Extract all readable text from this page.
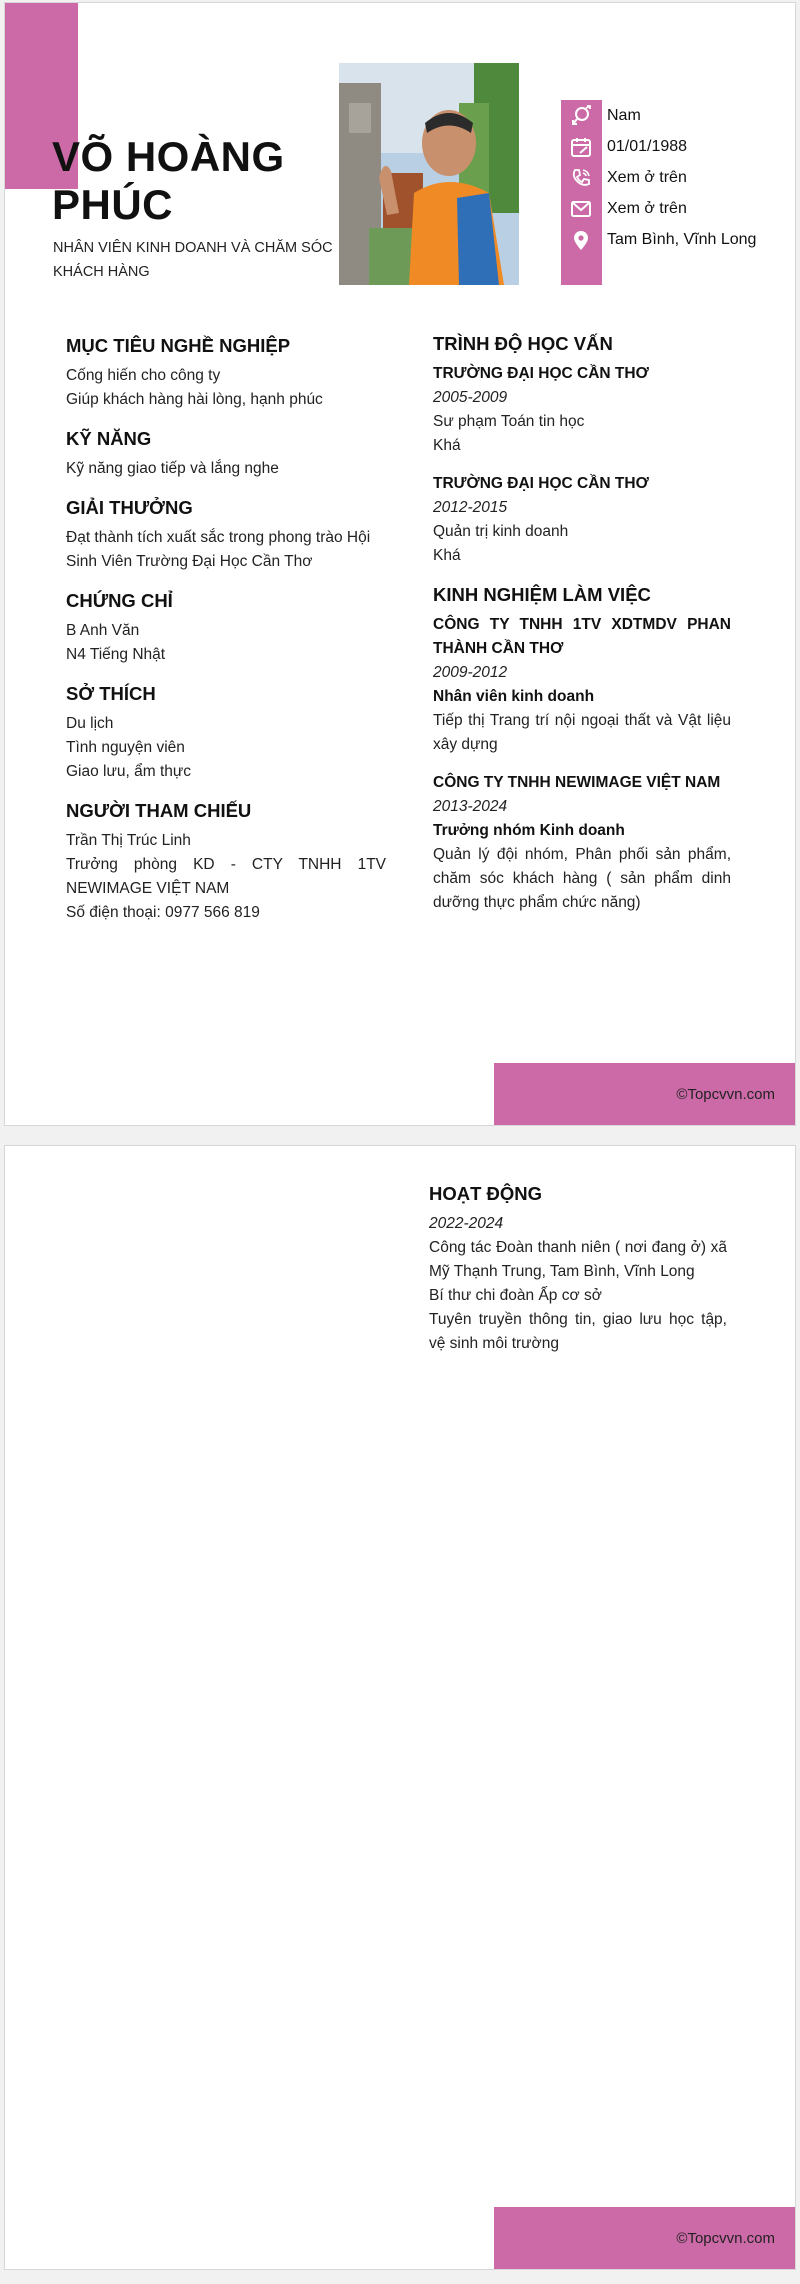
VÕ HOÀNG
PHÚC

NHÂN VIÊN KINH DOANH VÀ CHĂM SÓC KHÁCH HÀNG

Nam
01/01/1988
Xem ở trên
Xem ở trên
Tam Bình, Vĩnh Long

MỤC TIÊU NGHỀ NGHIỆP

Cống hiến cho công ty

Giúp khách hàng hài lòng, hạnh phúc

KỸ NĂNG

Kỹ năng giao tiếp và lắng nghe

GIẢI THƯỞNG

Đạt thành tích xuất sắc trong phong trào Hội Sinh Viên Trường Đại Học Cần Thơ

CHỨNG CHỈ

B Anh Văn

N4 Tiếng Nhật

SỞ THÍCH

Du lịch

Tình nguyện viên

Giao lưu, ẩm thực

NGƯỜI THAM CHIẾU

Trần Thị Trúc Linh

Trưởng phòng KD - CTY TNHH 1TV NEWIMAGE VIỆT NAM

Số điện thoại: 0977 566 819

TRÌNH ĐỘ HỌC VẤN

TRƯỜNG ĐẠI HỌC CẦN THƠ

2005-2009

Sư phạm Toán tin học

Khá

TRƯỜNG ĐẠI HỌC CẦN THƠ

2012-2015

Quản trị kinh doanh

Khá

KINH NGHIỆM LÀM VIỆC

CÔNG TY TNHH 1TV XDTMDV PHAN THÀNH CẦN THƠ

2009-2012

Nhân viên kinh doanh

Tiếp thị Trang trí nội ngoại thất và Vật liệu xây dựng

CÔNG TY TNHH NEWIMAGE VIỆT NAM

2013-2024

Trưởng nhóm Kinh doanh

Quản lý đội nhóm, Phân phối sản phẩm, chăm sóc khách hàng ( sản phẩm dinh dưỡng thực phẩm chức năng)

©Topcvvn.com

HOẠT ĐỘNG

2022-2024

Công tác Đoàn thanh niên ( nơi đang ở) xã Mỹ Thạnh Trung, Tam Bình, Vĩnh Long

Bí thư chi đoàn Ấp cơ sở

Tuyên truyền thông tin, giao lưu học tập, vệ sinh môi trường

©Topcvvn.com
